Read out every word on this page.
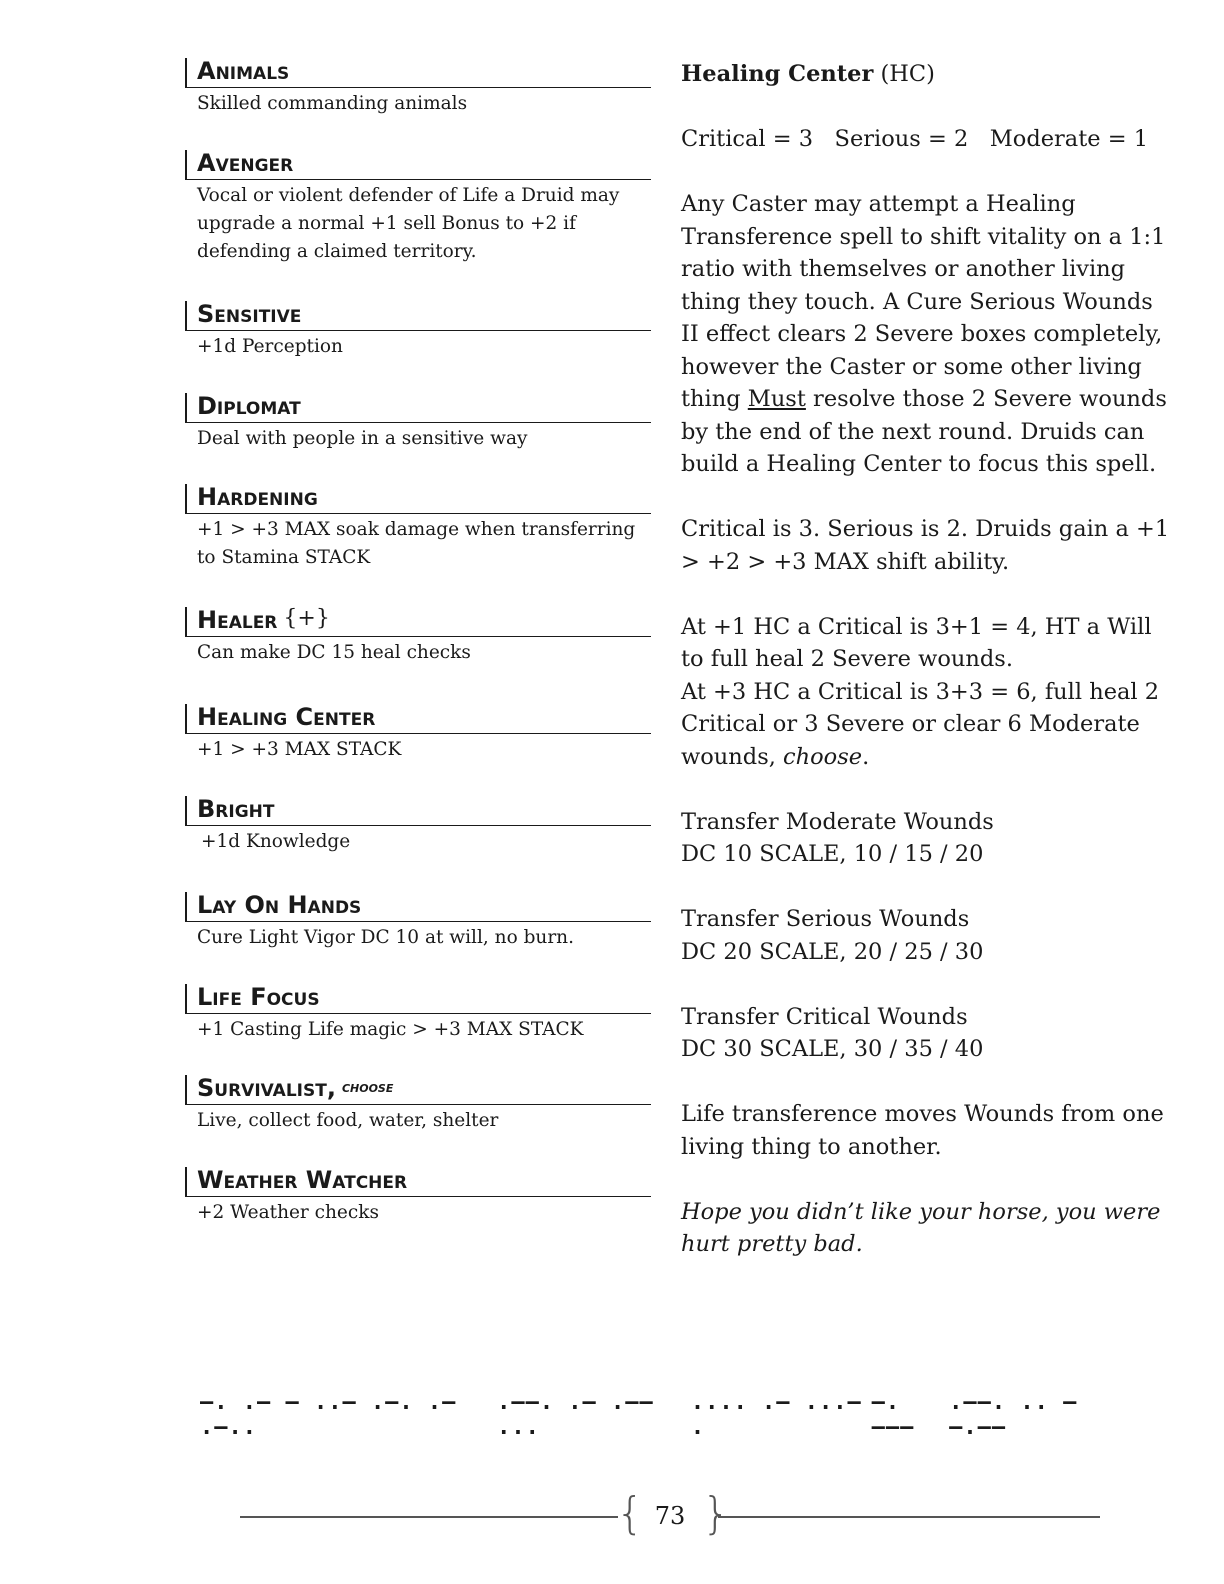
Animals
Skilled commanding animals
Avenger
Vocal or violent defender of Life a Druid may upgrade a normal +1 sell Bonus to +2 if defending a claimed territory.
Sensitive
+1d Perception
Diplomat
Deal with people in a sensitive way
Hardening
+1 > +3 MAX soak damage when transferring to Stamina STACK
Healer {+}
Can make DC 15 heal checks
Healing Center
+1 > +3 MAX STACK
Bright
+1d Knowledge
Lay On Hands
Cure Light Vigor DC 10 at will, no burn.
Life Focus
+1 Casting Life magic > +3 MAX STACK
Survivalist, choose
Live, collect food, water, shelter
Weather Watcher
+2 Weather checks

Healing Center (HC)

Critical = 3   Serious = 2   Moderate = 1

Any Caster may attempt a Healing Transference spell to shift vitality on a 1:1 ratio with themselves or another living thing they touch. A Cure Serious Wounds II effect clears 2 Severe boxes completely, however the Caster or some other living thing Must resolve those 2 Severe wounds by the end of the next round. Druids can build a Healing Center to focus this spell.

Critical is 3. Serious is 2. Druids gain a +1 > +2 > +3 MAX shift ability.

At +1 HC a Critical is 3+1 = 4, HT a Will to full heal 2 Severe wounds.
At +3 HC a Critical is 3+3 = 6, full heal 2 Critical or 3 Severe or clear 6 Moderate wounds, choose.

Transfer Moderate Wounds
DC 10 SCALE, 10 / 15 / 20

Transfer Serious Wounds
DC 20 SCALE, 20 / 25 / 30

Transfer Critical Wounds
DC 30 SCALE, 30 / 35 / 40

Life transference moves Wounds from one living thing to another.

Hope you didn’t like your horse, you were hurt pretty bad.

–. .– – ..– .–. .– .–..
.––. .– .–– ...
.... .– ...– .
–. –––
.––. .. – –.––
{ }
73
